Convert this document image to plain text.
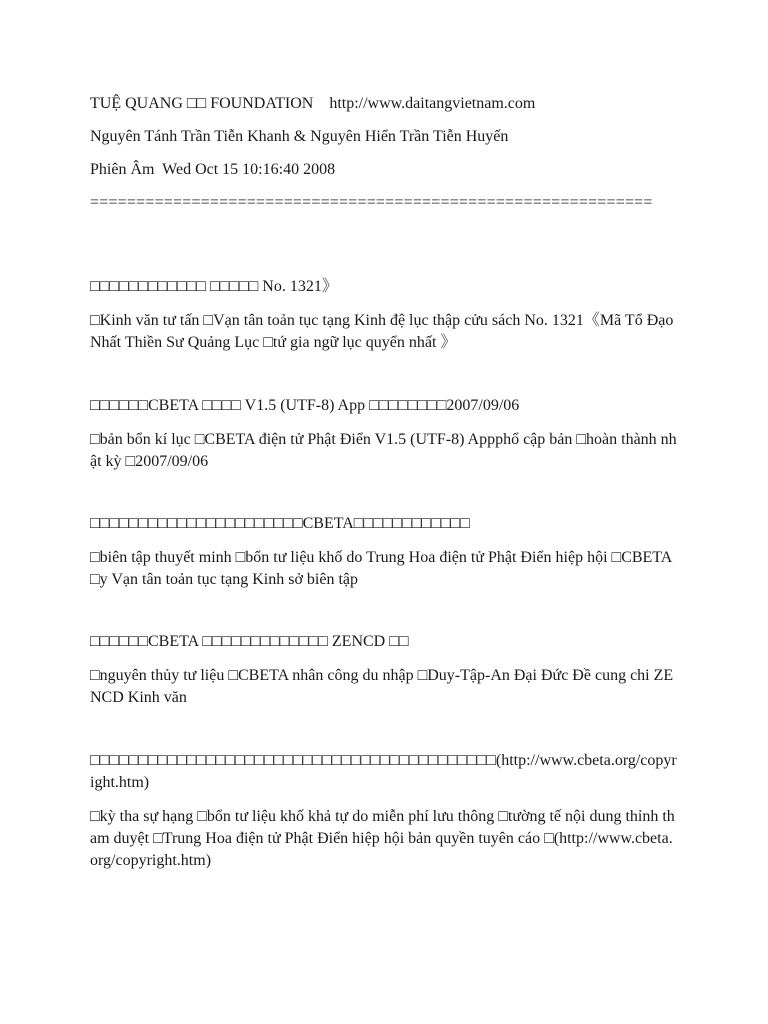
TUỆ QUANG □□ FOUNDATION    http://www.daitangvietnam.com
Nguyên Tánh Trần Tiễn Khanh & Nguyên Hiển Trần Tiễn Huyến
Phiên Âm  Wed Oct 15 10:16:40 2008
=============================================================
□□□□□□□□□□□□ □□□□□ No. 1321》
□Kinh văn tư tấn □Vạn tân toản tục tạng Kinh đệ lục thập cửu sách No. 1321《Mã Tổ Đạo Nhất Thiền Sư Quảng Lục □tứ gia ngữ lục quyển nhất 》
□□□□□□CBETA □□□□ V1.5 (UTF-8) App □□□□□□□□2007/09/06
□bản bổn kí lục □CBETA điện tử Phật Điển V1.5 (UTF-8) Appphổ cập bản □hoàn thành nhật kỳ □2007/09/06
□□□□□□□□□□□□□□□□□□□□□□CBETA□□□□□□□□□□□□
□biên tập thuyết minh □bổn tư liệu khố do Trung Hoa điện tử Phật Điển hiệp hội □CBETA□y Vạn tân toản tục tạng Kinh sở biên tập
□□□□□□CBETA □□□□□□□□□□□□□ ZENCD □□
□nguyên thủy tư liệu □CBETA nhân công du nhập □Duy-Tập-An Đại Đức Đề cung chi ZENCD Kinh văn
□□□□□□□□□□□□□□□□□□□□□□□□□□□□□□□□□□□□□□□□□□(http://www.cbeta.org/copyright.htm)
□kỳ tha sự hạng □bổn tư liệu khố khả tự do miễn phí lưu thông □tường tế nội dung thỉnh tham duyệt □Trung Hoa điện tử Phật Điển hiệp hội bản quyền tuyên cáo □(http://www.cbeta.org/copyright.htm)
